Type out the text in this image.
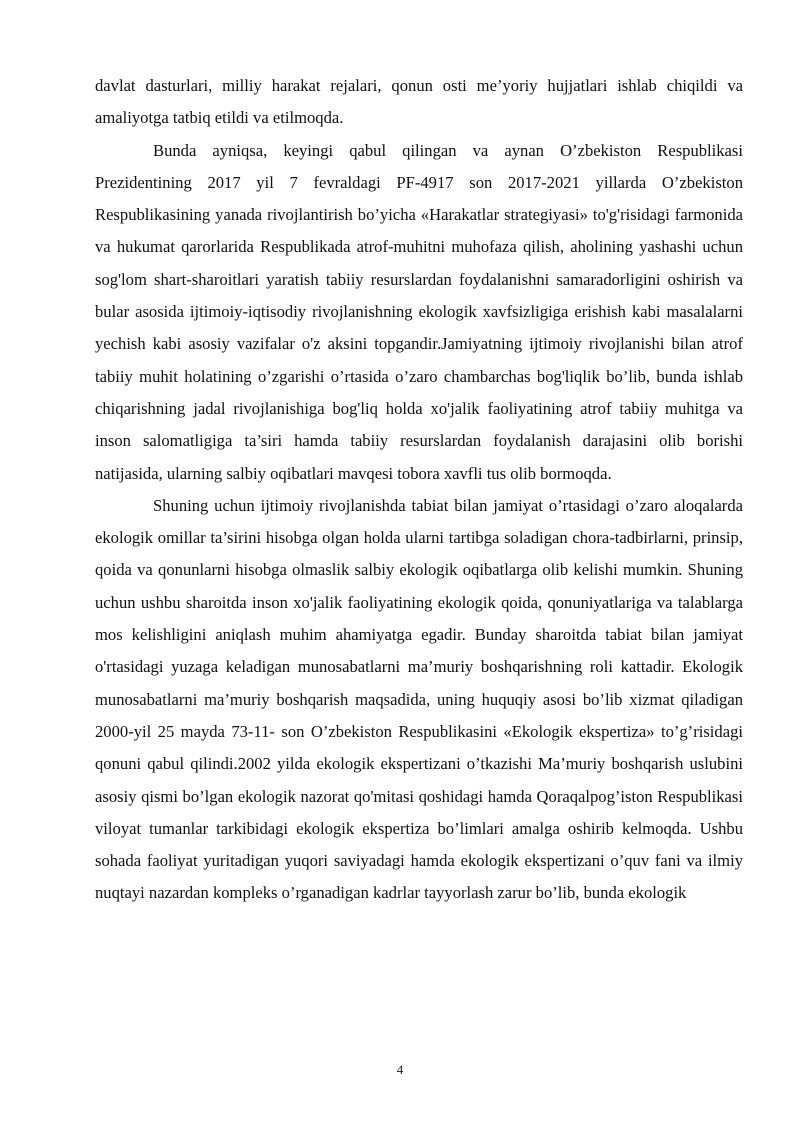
davlat dasturlari, milliy harakat rejalari, qonun osti me’yoriy hujjatlari ishlab chiqildi va amaliyotga tatbiq etildi va etilmoqda.

Bunda ayniqsa, keyingi qabul qilingan va aynan O’zbekiston Respublikasi Prezidentining 2017 yil 7 fevraldagi PF-4917 son 2017-2021 yillarda O’zbekiston Respublikasining yanada rivojlantirish bo’yicha «Harakatlar strategiyasi» to'g'risidagi farmonida va hukumat qarorlarida Respublikada atrof-muhitni muhofaza qilish, aholining yashashi uchun sog'lom shart-sharoitlari yaratish tabiiy resurslardan foydalanishni samaradorligini oshirish va bular asosida ijtimoiy-iqtisodiy rivojlanishning ekologik xavfsizligiga erishish kabi masalalarni yechish kabi asosiy vazifalar o'z aksini topgandir.Jamiyatning ijtimoiy rivojlanishi bilan atrof tabiiy muhit holatining o’zgarishi o’rtasida o’zaro chambarchas bog'liqlik bo’lib, bunda ishlab chiqarishning jadal rivojlanishiga bog'liq holda xo'jalik faoliyatining atrof tabiiy muhitga va inson salomatligiga ta’siri hamda tabiiy resurslardan foydalanish darajasini olib borishi natijasida, ularning salbiy oqibatlari mavqesi tobora xavfli tus olib bormoqda.

Shuning uchun ijtimoiy rivojlanishda tabiat bilan jamiyat o’rtasidagi o’zaro aloqalarda ekologik omillar ta’sirini hisobga olgan holda ularni tartibga soladigan chora-tadbirlarni, prinsip, qoida va qonunlarni hisobga olmaslik salbiy ekologik oqibatlarga olib kelishi mumkin. Shuning uchun ushbu sharoitda inson xo'jalik faoliyatining ekologik qoida, qonuniyatlariga va talablarga mos kelishligini aniqlash muhim ahamiyatga egadir. Bunday sharoitda tabiat bilan jamiyat o'rtasidagi yuzaga keladigan munosabatlarni ma’muriy boshqarishning roli kattadir. Ekologik munosabatlarni ma’muriy boshqarish maqsadida, uning huquqiy asosi bo’lib xizmat qiladigan 2000-yil 25 mayda 73-11- son O’zbekiston Respublikasini «Ekologik ekspertiza» to’g’risidagi qonuni qabul qilindi.2002 yilda ekologik ekspertizani o’tkazishi Ma’muriy boshqarish uslubini asosiy qismi bo’lgan ekologik nazorat qo'mitasi qoshidagi hamda Qoraqalpog’iston Respublikasi viloyat tumanlar tarkibidagi ekologik ekspertiza bo’limlari amalga oshirib kelmoqda. Ushbu sohada faoliyat yuritadigan yuqori saviyadagi hamda ekologik ekspertizani o’quv fani va ilmiy nuqtayi nazardan kompleks o’rganadigan kadrlar tayyorlash zarur bo’lib, bunda ekologik

4
